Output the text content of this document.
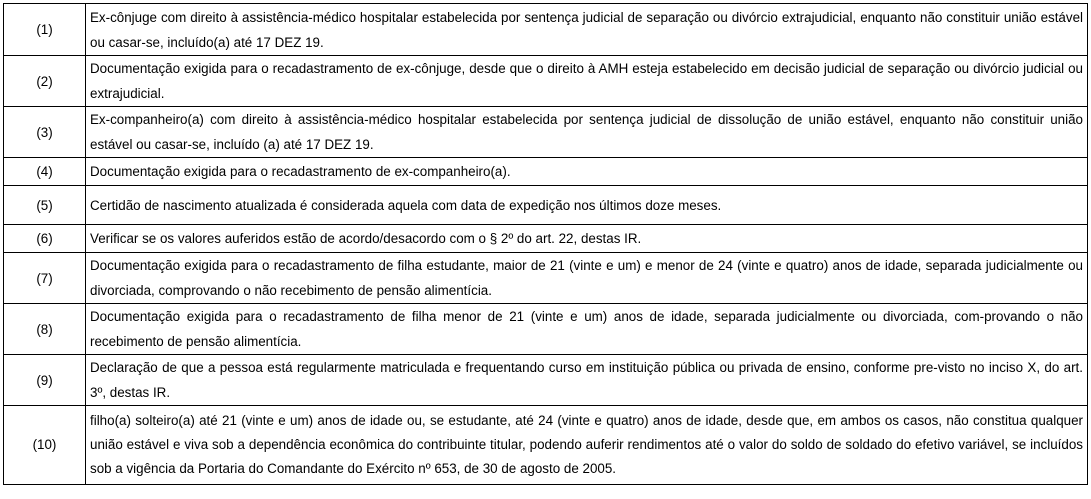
(1)	Ex-cônjuge com direito à assistência-médico hospitalar estabelecida por sentença judicial de separação ou divórcio extrajudicial, enquanto não constituir união estável ou casar-se, incluído(a) até 17 DEZ 19.
(2)	Documentação exigida para o recadastramento de ex-cônjuge, desde que o direito à AMH esteja estabelecido em decisão judicial de separação ou divórcio judicial ou extrajudicial.
(3)	Ex-companheiro(a) com direito à assistência-médico hospitalar estabelecida por sentença judicial de dissolução de união estável, enquanto não constituir união estável ou casar-se, incluído (a) até 17 DEZ 19.
(4)	Documentação exigida para o recadastramento de ex-companheiro(a).
(5)	Certidão de nascimento atualizada é considerada aquela com data de expedição nos últimos doze meses.
(6)	Verificar se os valores auferidos estão de acordo/desacordo com o § 2º do art. 22, destas IR.
(7)	Documentação exigida para o recadastramento de filha estudante, maior de 21 (vinte e um) e menor de 24 (vinte e quatro) anos de idade, separada judicialmente ou divorciada, comprovando o não recebimento de pensão alimentícia.
(8)	Documentação exigida para o recadastramento de filha menor de 21 (vinte e um) anos de idade, separada judicialmente ou divorciada, com-provando o não recebimento de pensão alimentícia.
(9)	Declaração de que a pessoa está regularmente matriculada e frequentando curso em instituição pública ou privada de ensino, conforme pre-visto no inciso X, do art. 3º, destas IR.
(10)	filho(a) solteiro(a) até 21 (vinte e um) anos de idade ou, se estudante, até 24 (vinte e quatro) anos de idade, desde que, em ambos os casos, não constitua qualquer união estável e viva sob a dependência econômica do contribuinte titular, podendo auferir rendimentos até o valor do soldo de soldado do efetivo variável, se incluídos sob a vigência da Portaria do Comandante do Exército nº 653, de 30 de agosto de 2005.
